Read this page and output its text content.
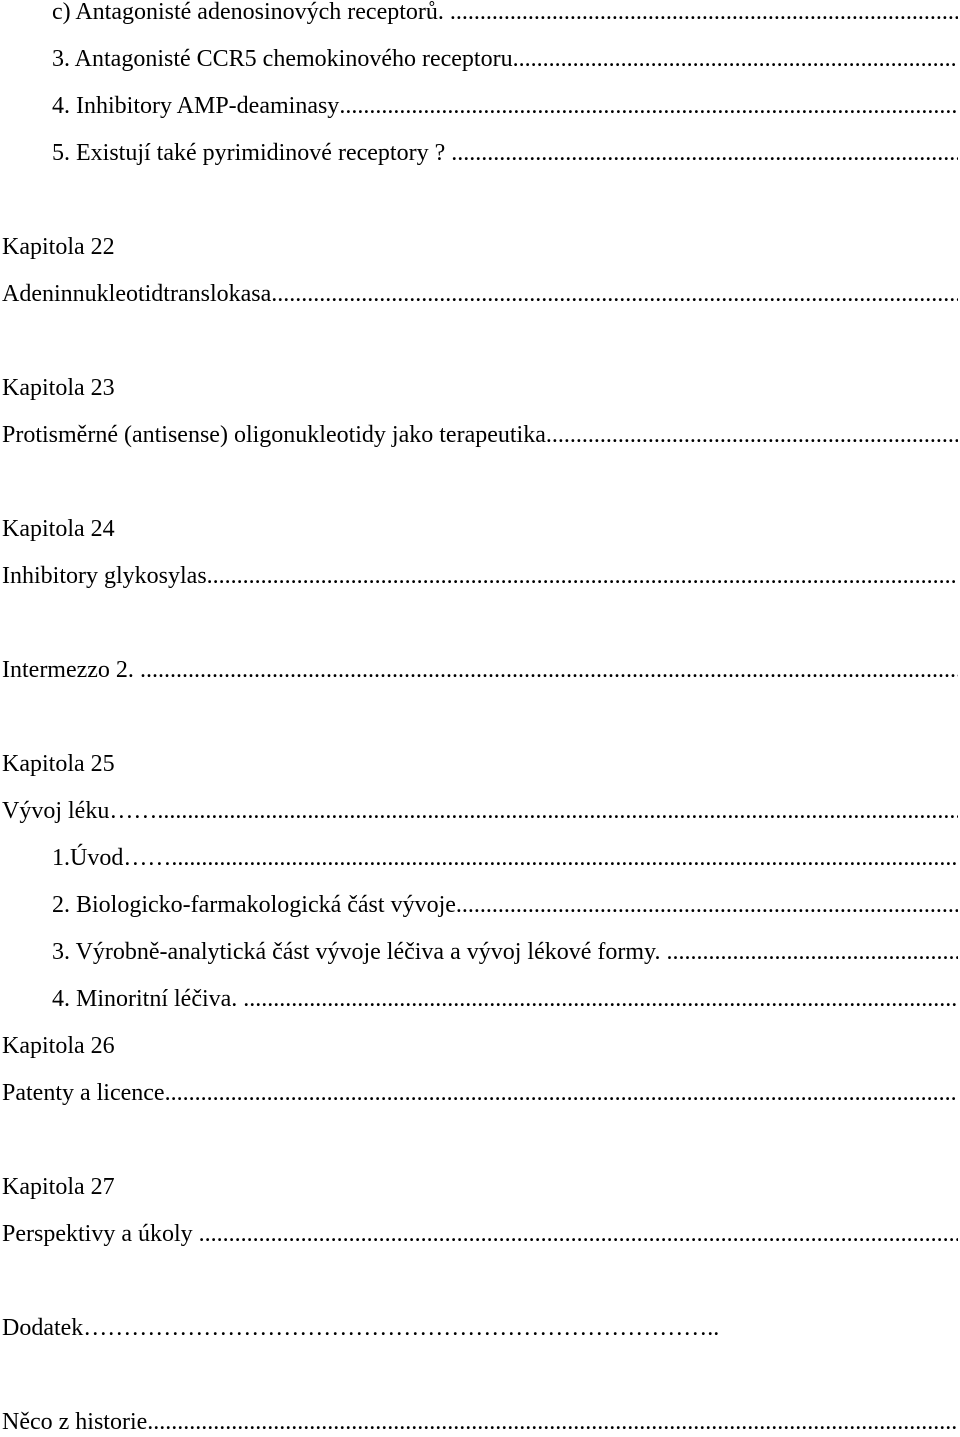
c) Antagonisté adenosinových receptorů.
.....
3. Antagonisté CCR5 chemokinového receptoru
.....
4. Inhibitory AMP-deaminasy
.....
5. Existují také pyrimidinové receptory ?
.....
Kapitola 22
Adeninnukleotidtranslokasa
.....
Kapitola 23
Protisměrné (antisense) oligonukleotidy jako terapeutika
.....
Kapitola 24
Inhibitory glykosylas
.....
Intermezzo 2.
.....
Kapitola 25
Vývoj léku……
.....
1.Úvod……
.....
2. Biologicko-farmakologická část vývoje
.....
3. Výrobně-analytická část vývoje léčiva a vývoj lékové formy.
.....
4. Minoritní léčiva.
.....
Kapitola 26
Patenty a licence
.....
Kapitola 27
Perspektivy a úkoly
.....
Dodatek……………………………………………………………………..
Něco z historie
.....
